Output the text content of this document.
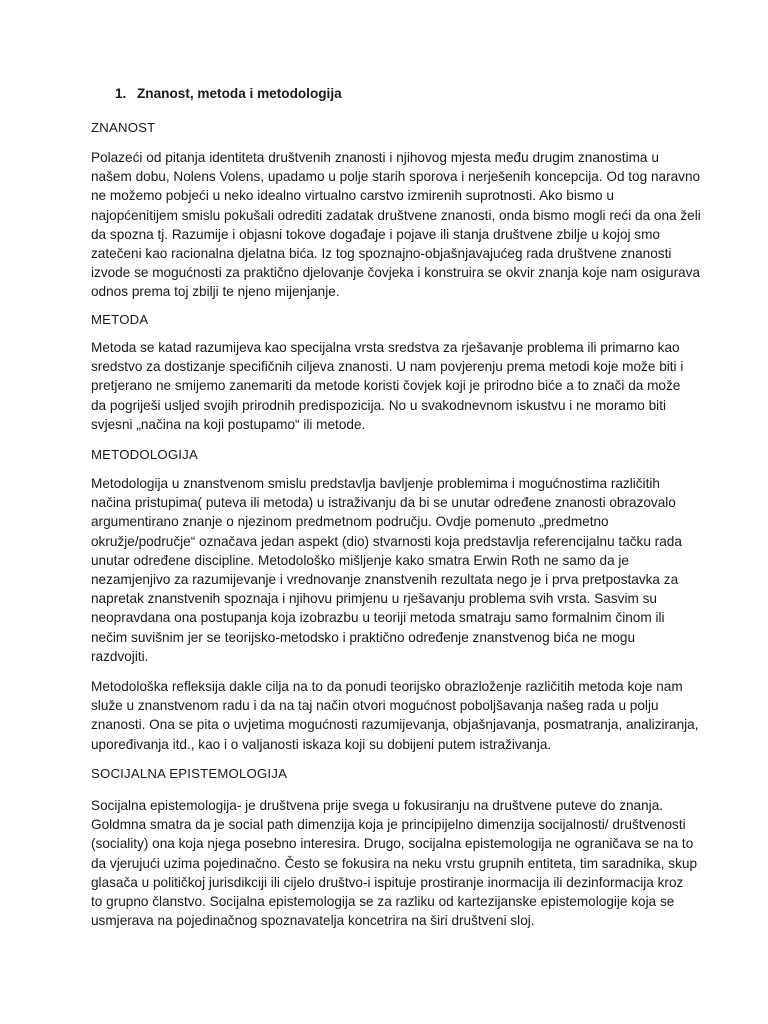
1. Znanost, metoda i metodologija
ZNANOST
Polazeći od pitanja identiteta društvenih znanosti i njihovog mjesta među drugim znanostima u
našem dobu, Nolens Volens, upadamo u polje starih sporova i nerješenih koncepcija. Od tog naravno
ne možemo pobjeći u neko idealno virtualno carstvo izmirenih suprotnosti. Ako bismo u
najopćenitijem smislu pokušali odrediti zadatak društvene znanosti, onda bismo mogli reći da ona želi
da spozna tj. Razumije i objasni tokove događaje i pojave ili stanja društvene zbilje u kojoj smo
zatečeni kao racionalna djelatna bića. Iz tog spoznajno-objašnjavajućeg rada društvene znanosti
izvode se mogućnosti za praktično djelovanje čovjeka i konstruira se okvir znanja koje nam osigurava
odnos prema toj zbilji te njeno mijenjanje.
METODA
Metoda se katad razumijeva kao specijalna vrsta sredstva za rješavanje problema ili primarno kao
sredstvo za dostizanje specifičnih ciljeva znanosti. U nam povjerenju prema metodi koje može biti i
pretjerano ne smijemo zanemariti da metode koristi čovjek koji je prirodno biće a to znači da može
da pogriješi usljed svojih prirodnih predispozicija. No u svakodnevnom iskustvu i ne moramo biti
svjesni „načina na koji postupamo“ ili metode.
METODOLOGIJA
Metodologija u znanstvenom smislu predstavlja bavljenje problemima i mogućnostima različitih
načina pristupima( puteva ili metoda) u istraživanju da bi se unutar određene znanosti obrazovalo
argumentirano znanje o njezinom predmetnom području. Ovdje pomenuto „predmetno
okružje/područje“ označava jedan aspekt (dio) stvarnosti koja predstavlja referencijalnu tačku rada
unutar određene discipline. Metodološko mišljenje kako smatra Erwin Roth ne samo da je
nezamjenjivo za razumijevanje i vrednovanje znanstvenih rezultata nego je i prva pretpostavka za
napretak znanstvenih spoznaja i njihovu primjenu u rješavanju problema svih vrsta. Sasvim su
neopravdana ona postupanja koja izobrazbu u teoriji metoda smatraju samo formalnim činom ili
nečim suvišnim jer se teorijsko-metodsko i praktično određenje znanstvenog bića ne mogu
razdvojiti.
Metodološka refleksija dakle cilja na to da ponudi teorijsko obrazloženje različitih metoda koje nam
služe u znanstvenom radu i da na taj način otvori mogućnost poboljšavanja našeg rada u polju
znanosti. Ona se pita o uvjetima mogućnosti razumijevanja, objašnjavanja, posmatranja, analiziranja,
upoređivanja itd., kao i o valjanosti iskaza koji su dobijeni putem istraživanja.
SOCIJALNA EPISTEMOLOGIJA
Socijalna epistemologija- je društvena prije svega u fokusiranju na društvene puteve do znanja.
Goldmna smatra da je social path dimenzija koja je principijelno dimenzija socijalnosti/ društvenosti
(sociality) ona koja njega posebno interesira. Drugo, socijalna epistemologija ne ograničava se na to
da vjerujući uzima pojedinačno. Često se fokusira na neku vrstu grupnih entiteta, tim saradnika, skup
glasača u političkoj jurisdikciji ili cijelo društvo-i ispituje prostiranje inormacija ili dezinformacija kroz
to grupno članstvo. Socijalna epistemologija se za razliku od kartezijanske epistemologije koja se
usmjerava na pojedinačnog spoznavatelja koncetrira na širi društveni sloj.
